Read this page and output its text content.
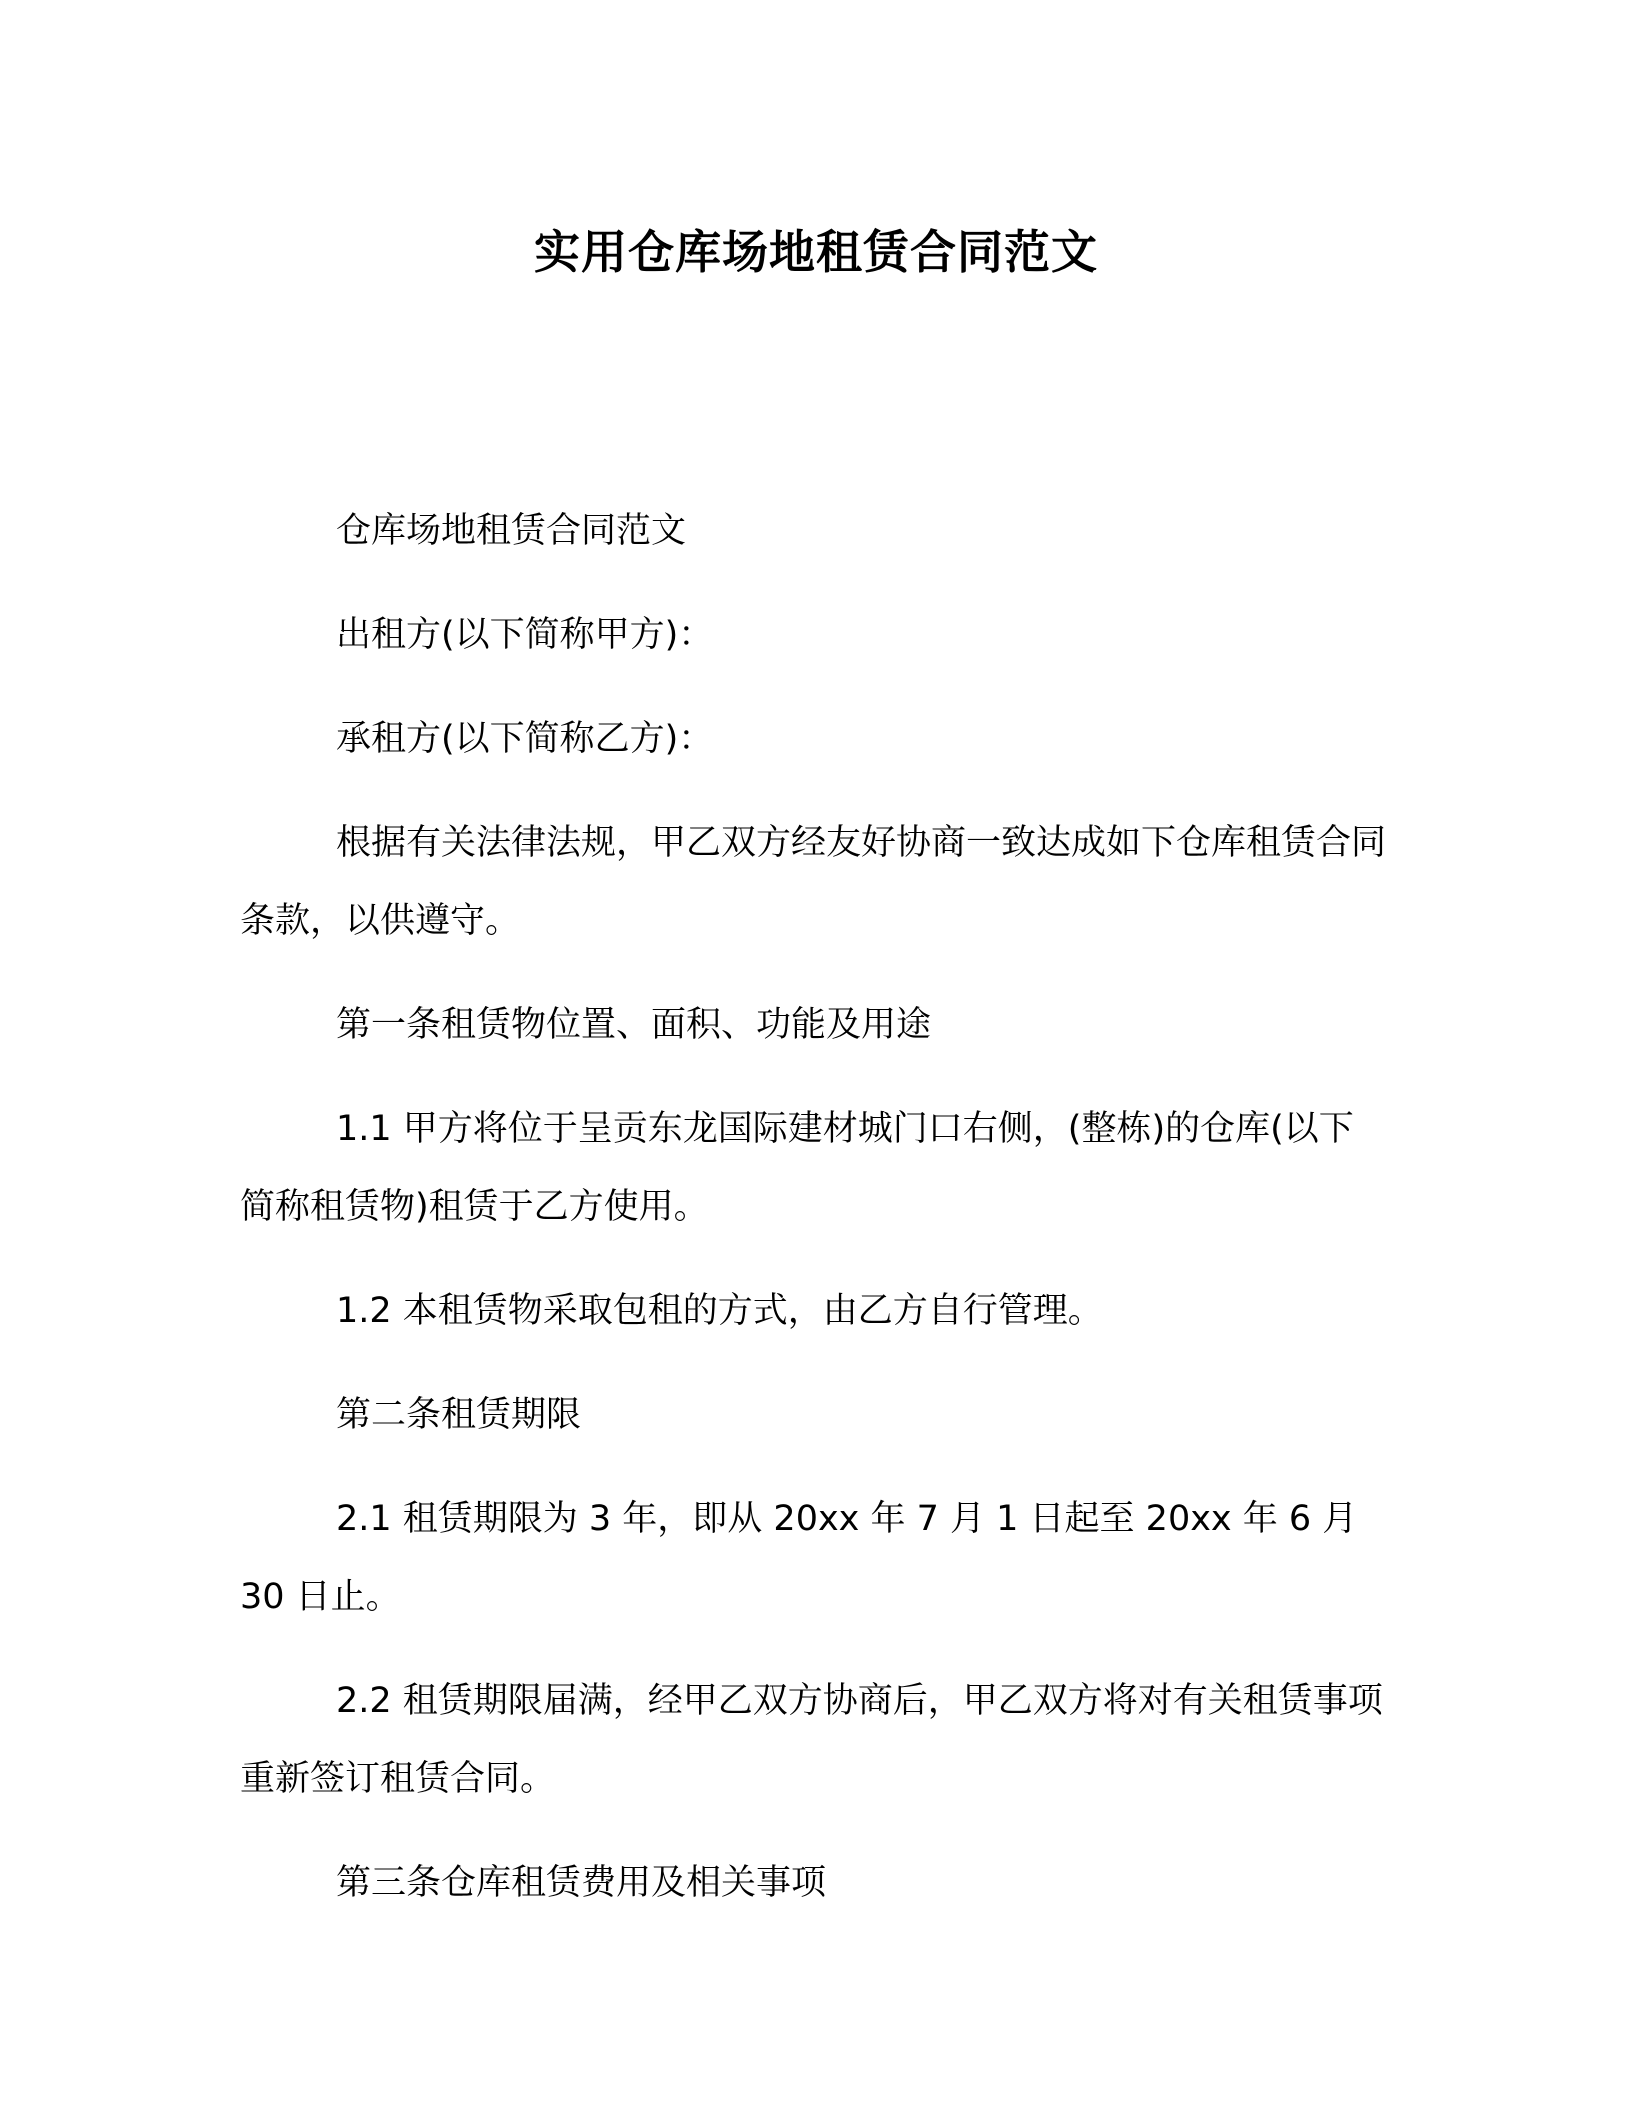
实用仓库场地租赁合同范文

仓库场地租赁合同范文

出租方(以下简称甲方)：

承租方(以下简称乙方)：

根据有关法律法规，甲乙双方经友好协商一致达成如下仓库租赁合同条款，以供遵守。

第一条租赁物位置、面积、功能及用途

1.1 甲方将位于呈贡东龙国际建材城门口右侧，(整栋)的仓库(以下简称租赁物)租赁于乙方使用。

1.2 本租赁物采取包租的方式，由乙方自行管理。

第二条租赁期限

2.1 租赁期限为 3 年，即从 20xx 年 7 月 1 日起至 20xx 年 6 月 30 日止。

2.2 租赁期限届满，经甲乙双方协商后，甲乙双方将对有关租赁事项重新签订租赁合同。

第三条仓库租赁费用及相关事项
